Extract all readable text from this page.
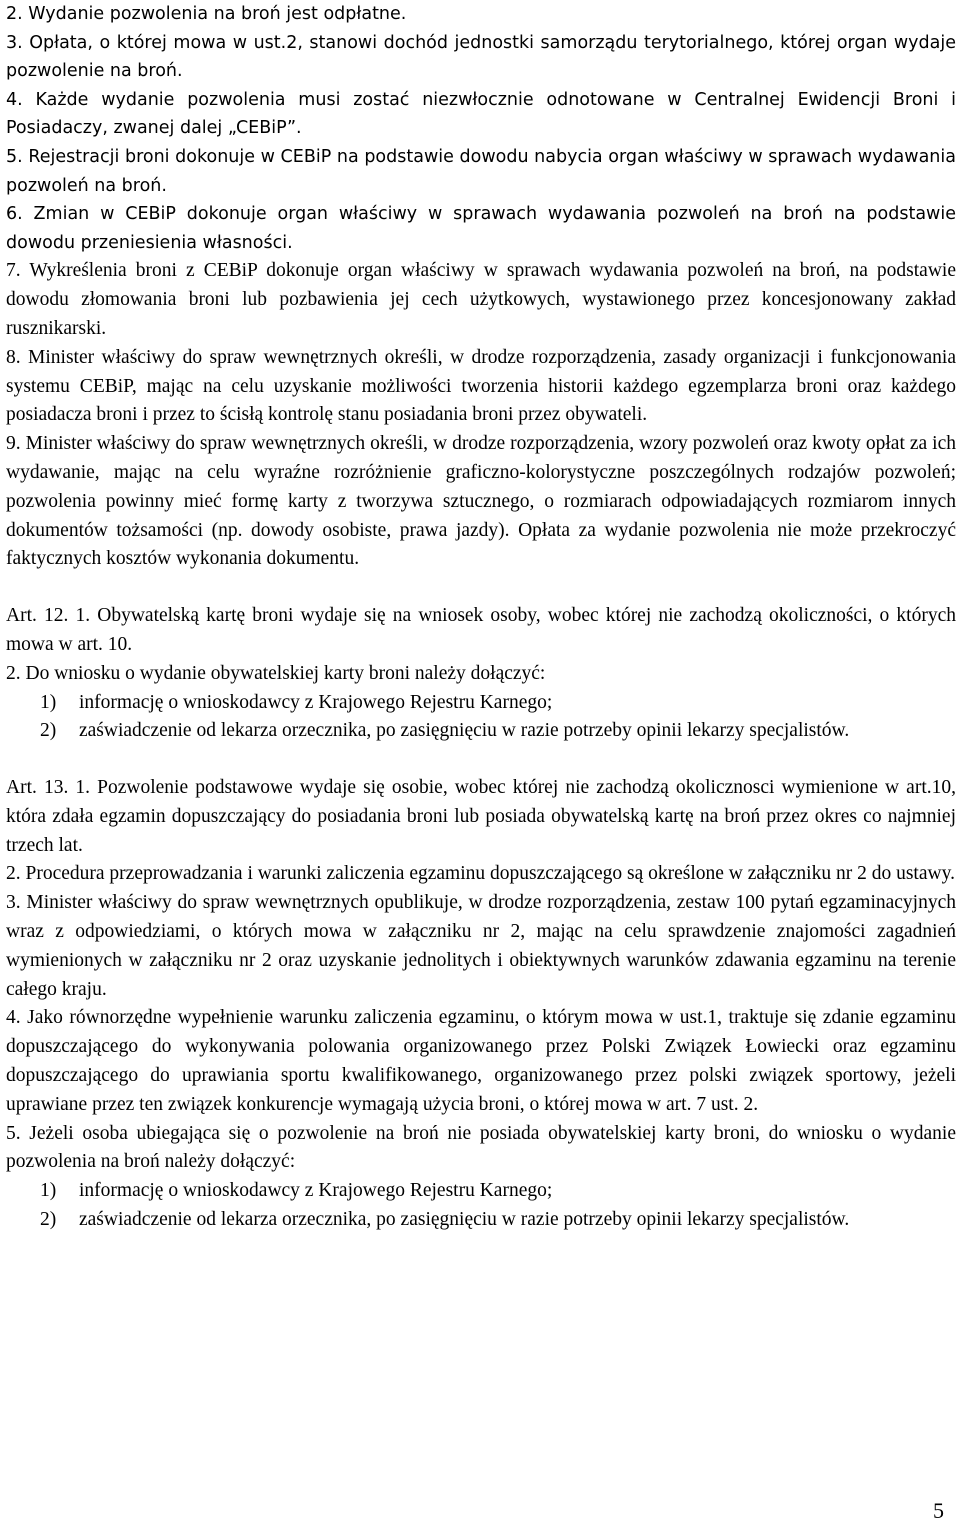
2. Wydanie pozwolenia na broń jest odpłatne.

3. Opłata, o której mowa w ust.2, stanowi dochód jednostki samorządu terytorialnego, której organ wydaje pozwolenie na broń.

4. Każde wydanie pozwolenia musi zostać niezwłocznie odnotowane w Centralnej Ewidencji Broni i Posiadaczy, zwanej dalej „CEBiP”.

5. Rejestracji broni dokonuje w CEBiP na podstawie dowodu nabycia organ właściwy w sprawach wydawania pozwoleń na broń.

6. Zmian w CEBiP dokonuje organ właściwy w sprawach wydawania pozwoleń na broń na podstawie dowodu przeniesienia własności.

7. Wykreślenia broni z CEBiP dokonuje organ właściwy w sprawach wydawania pozwoleń na broń, na podstawie dowodu złomowania broni lub pozbawienia jej cech użytkowych, wystawionego przez koncesjonowany zakład rusznikarski.

8. Minister właściwy do spraw wewnętrznych określi, w drodze rozporządzenia, zasady organizacji i funkcjonowania systemu CEBiP, mając na celu uzyskanie możliwości tworzenia historii każdego egzemplarza broni oraz każdego posiadacza broni i przez to ścisłą kontrolę stanu posiadania broni przez obywateli.

9. Minister właściwy do spraw wewnętrznych określi, w drodze rozporządzenia, wzory pozwoleń oraz kwoty opłat za ich wydawanie, mając na celu wyraźne rozróżnienie graficzno-kolorystyczne poszczególnych rodzajów pozwoleń; pozwolenia powinny mieć formę karty z tworzywa sztucznego, o rozmiarach odpowiadających rozmiarom innych dokumentów tożsamości (np. dowody osobiste, prawa jazdy). Opłata za wydanie pozwolenia nie może przekroczyć faktycznych kosztów wykonania dokumentu.

Art. 12. 1. Obywatelską kartę broni wydaje się na wniosek osoby, wobec której nie zachodzą okoliczności, o których mowa w art. 10.

2. Do wniosku o wydanie obywatelskiej karty broni należy dołączyć:

1) informację o wnioskodawcy z Krajowego Rejestru Karnego;

2) zaświadczenie od lekarza orzecznika, po zasięgnięciu w razie potrzeby opinii lekarzy specjalistów.

Art. 13. 1. Pozwolenie podstawowe wydaje się osobie, wobec której nie zachodzą okolicznosci wymienione w art.10, która zdała egzamin dopuszczający do posiadania broni lub posiada obywatelską kartę na broń przez okres co najmniej trzech lat.

2. Procedura przeprowadzania i warunki zaliczenia egzaminu dopuszczającego są określone w załączniku nr 2 do ustawy.

3. Minister właściwy do spraw wewnętrznych opublikuje, w drodze rozporządzenia, zestaw 100 pytań egzaminacyjnych wraz z odpowiedziami, o których mowa w załączniku nr 2, mając na celu sprawdzenie znajomości zagadnień wymienionych w załączniku nr 2 oraz uzyskanie jednolitych i obiektywnych warunków zdawania egzaminu na terenie całego kraju.

4. Jako równorzędne wypełnienie warunku zaliczenia egzaminu, o którym mowa w ust.1, traktuje się zdanie egzaminu dopuszczającego do wykonywania polowania organizowanego przez Polski Związek Łowiecki oraz egzaminu dopuszczającego do uprawiania sportu kwalifikowanego, organizowanego przez polski związek sportowy, jeżeli uprawiane przez ten związek konkurencje wymagają użycia broni, o której mowa w art. 7 ust. 2.

5. Jeżeli osoba ubiegająca się o pozwolenie na broń nie posiada obywatelskiej karty broni, do wniosku o wydanie pozwolenia na broń należy dołączyć:

1) informację o wnioskodawcy z Krajowego Rejestru Karnego;

2) zaświadczenie od lekarza orzecznika, po zasięgnięciu w razie potrzeby opinii lekarzy specjalistów.

5
